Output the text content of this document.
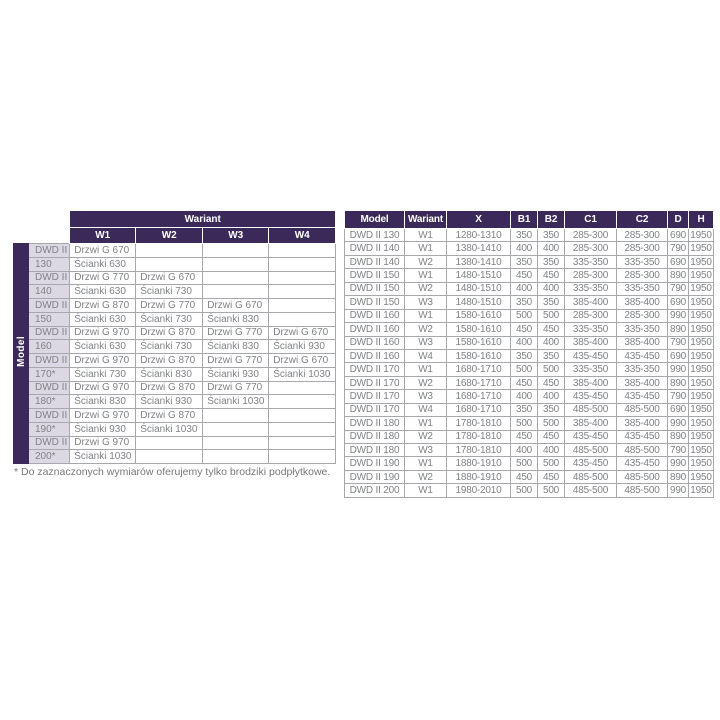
		Wariant			
		W1	W2	W3	W4
Model	DWD II	Drzwi G 670			
	130	Ścianki 630			
	DWD II	Drzwi G 770	Drzwi G 670		
	140	Ścianki 630	Ścianki 730		
	DWD II	Drzwi G 870	Drzwi G 770	Drzwi G 670	
	150	Ścianki 630	Ścianki 730	Ścianki 830	
	DWD II	Drzwi G 970	Drzwi G 870	Drzwi G 770	Drzwi G 670
	160	Ścianki 630	Ścianki 730	Ścianki 830	Ścianki 930
	DWD II	Drzwi G 970	Drzwi G 870	Drzwi G 770	Drzwi G 670
	170*	Ścianki 730	Ścianki 830	Ścianki 930	Ścianki 1030
	DWD II	Drzwi G 970	Drzwi G 870	Drzwi G 770	
	180*	Ścianki 830	Ścianki 930	Ścianki 1030	
	DWD II	Drzwi G 970	Drzwi G 870		
	190*	Ścianki 930	Ścianki 1030		
	DWD II	Drzwi G 970			
	200*	Ścianki 1030			
* Do zaznaczonych wymiarów oferujemy tylko brodziki podpłytkowe.
Model	Wariant	X	B1	B2	C1	C2	D	H
DWD II 130	W1	1280-1310	350	350	285-300	285-300	690	1950
DWD II 140	W1	1380-1410	400	400	285-300	285-300	790	1950
DWD II 140	W2	1380-1410	350	350	335-350	335-350	690	1950
DWD II 150	W1	1480-1510	450	450	285-300	285-300	890	1950
DWD II 150	W2	1480-1510	400	400	335-350	335-350	790	1950
DWD II 150	W3	1480-1510	350	350	385-400	385-400	690	1950
DWD II 160	W1	1580-1610	500	500	285-300	285-300	990	1950
DWD II 160	W2	1580-1610	450	450	335-350	335-350	890	1950
DWD II 160	W3	1580-1610	400	400	385-400	385-400	790	1950
DWD II 160	W4	1580-1610	350	350	435-450	435-450	690	1950
DWD II 170	W1	1680-1710	500	500	335-350	335-350	990	1950
DWD II 170	W2	1680-1710	450	450	385-400	385-400	890	1950
DWD II 170	W3	1680-1710	400	400	435-450	435-450	790	1950
DWD II 170	W4	1680-1710	350	350	485-500	485-500	690	1950
DWD II 180	W1	1780-1810	500	500	385-400	385-400	990	1950
DWD II 180	W2	1780-1810	450	450	435-450	435-450	890	1950
DWD II 180	W3	1780-1810	400	400	485-500	485-500	790	1950
DWD II 190	W1	1880-1910	500	500	435-450	435-450	990	1950
DWD II 190	W2	1880-1910	450	450	485-500	485-500	890	1950
DWD II 200	W1	1980-2010	500	500	485-500	485-500	990	1950
